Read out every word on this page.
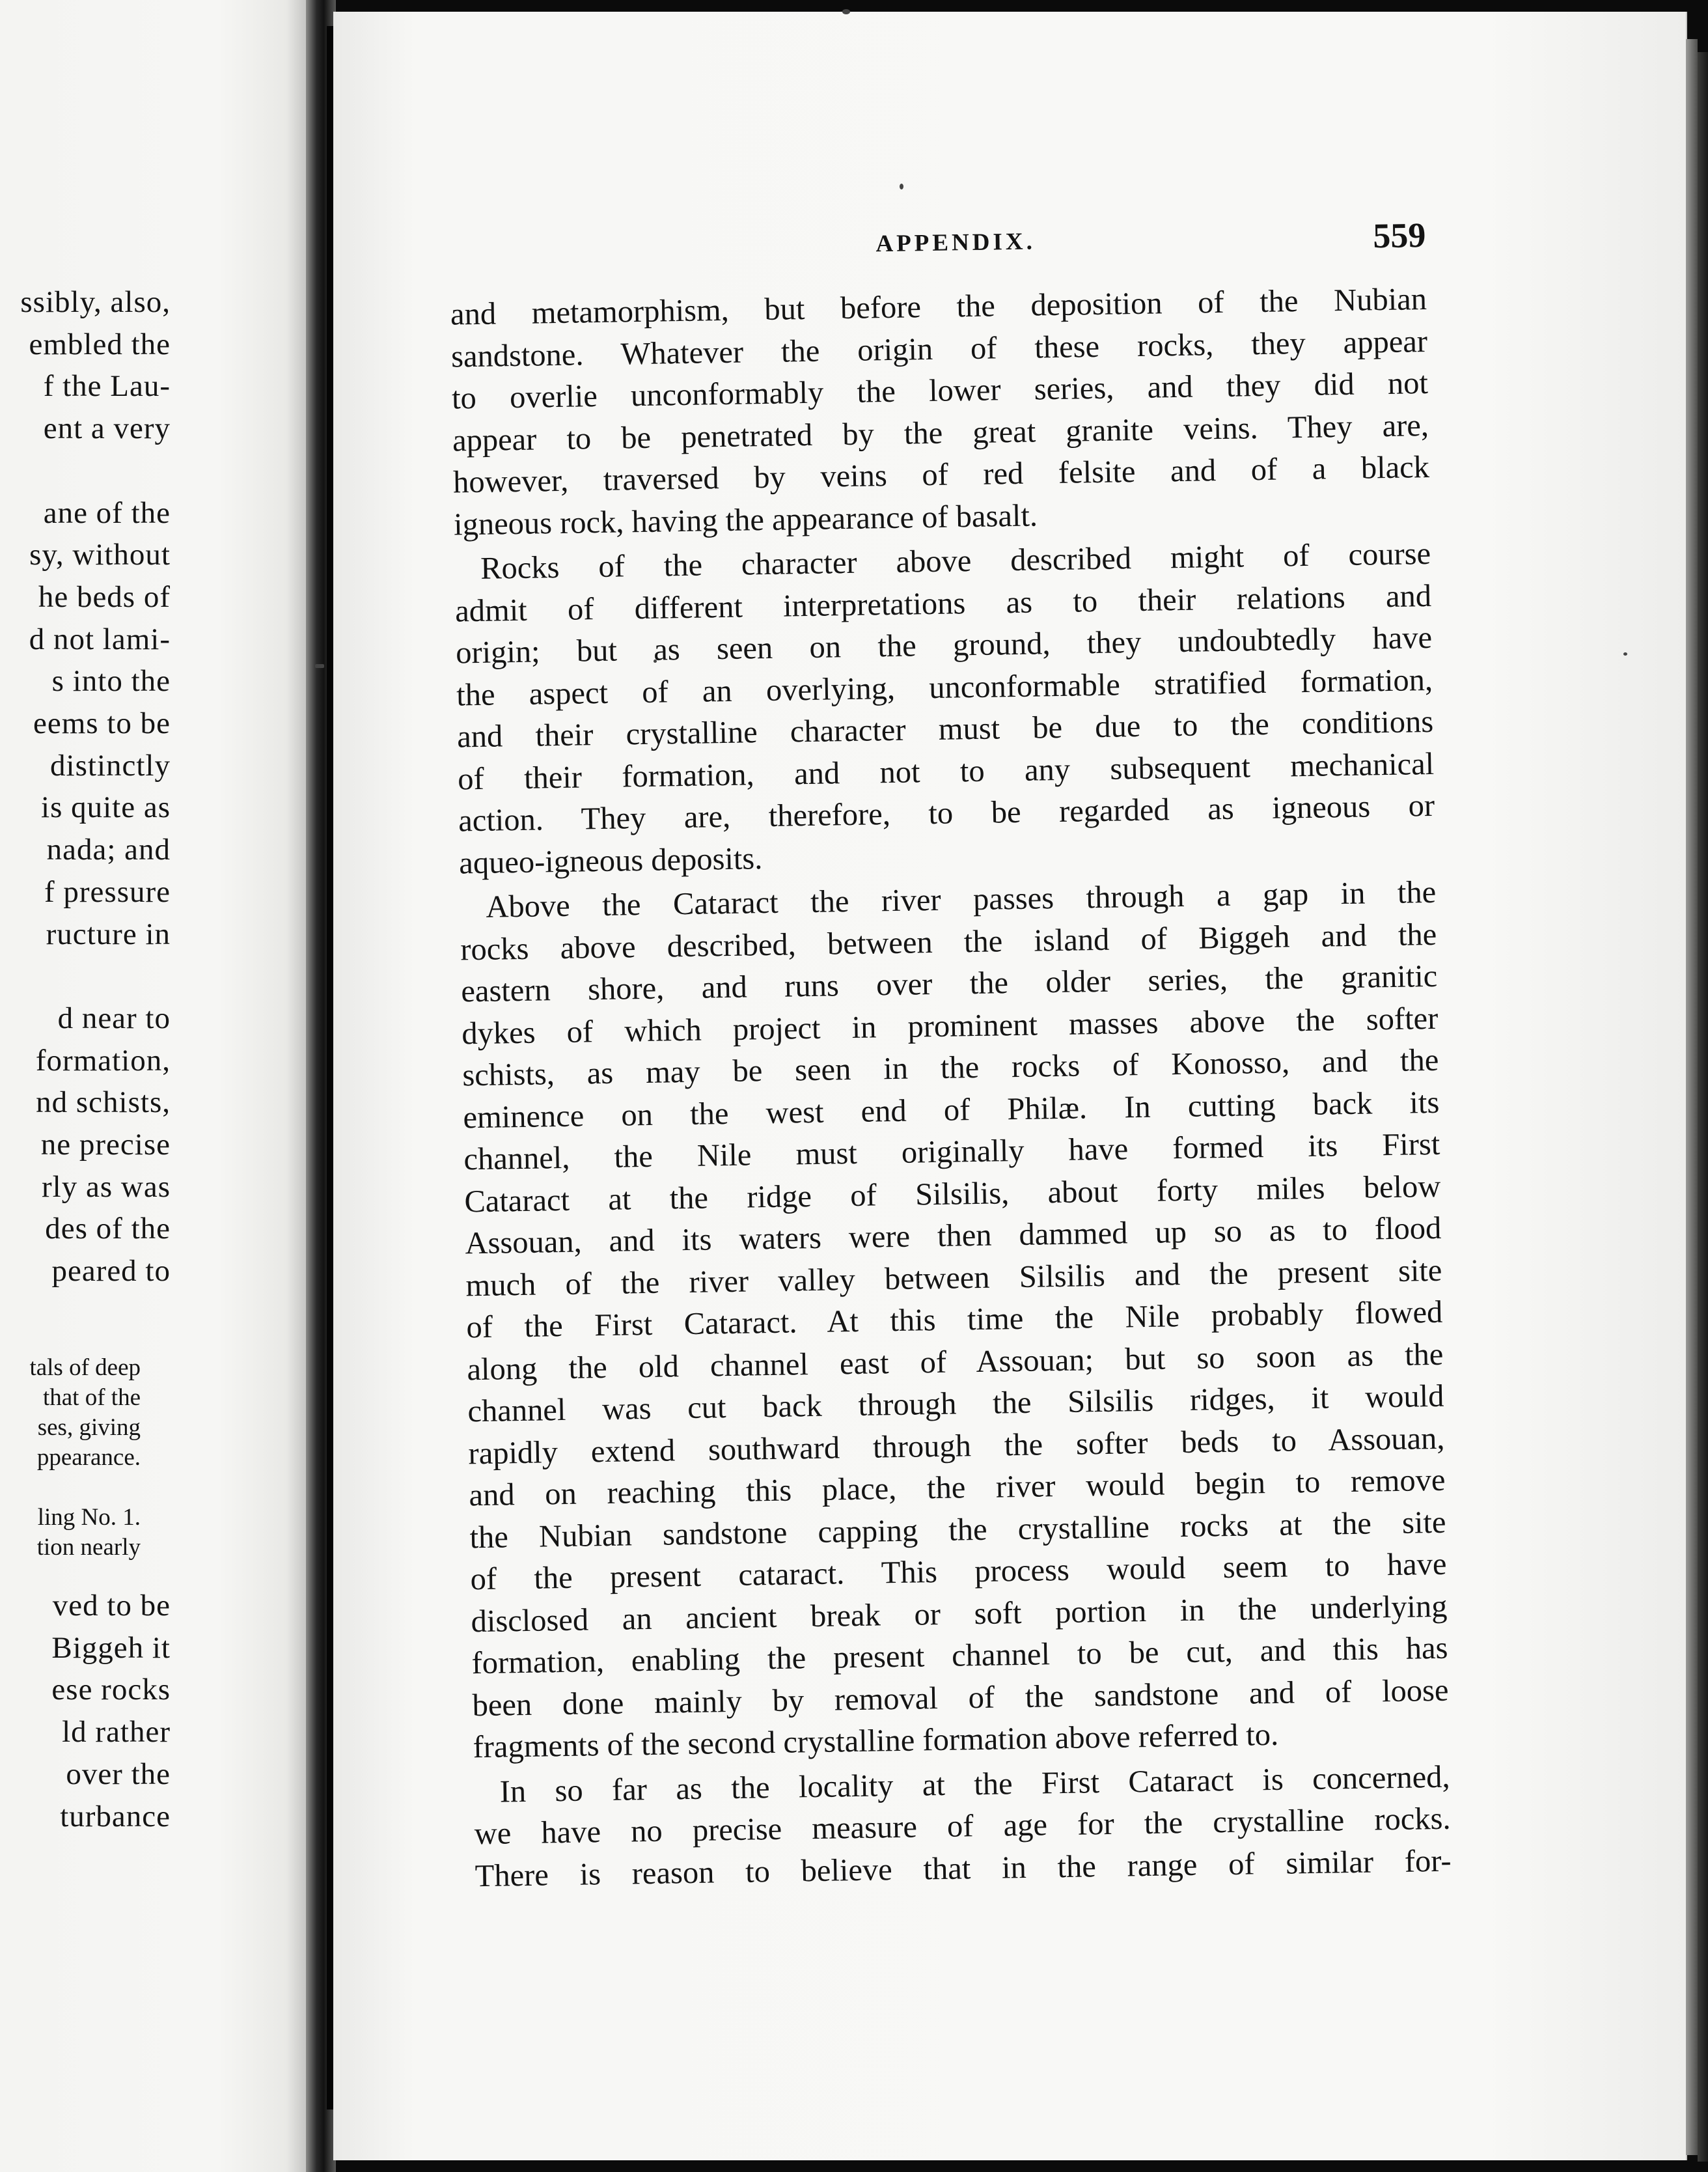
ssibly, also,
embled the
f the Lau-
ent a very

ane of the
sy, without
he beds of
d not lami-
s into the
eems to be
distinctly
is quite as
nada; and
f pressure
ructure in

d near to
formation,
nd schists,
ne precise
rly as was
des of the
peared to
tals of deep
that of the
ses, giving
ppearance.

ling No. 1.
tion nearly
ved to be
Biggeh it
ese rocks
ld rather
over the
turbance
APPENDIX.	559
and metamorphism, but before the deposition of the Nubian
sandstone. Whatever the origin of these rocks, they appear
to overlie unconformably the lower series, and they did not
appear to be penetrated by the great granite veins. They are,
however, traversed by veins of red felsite and of a black
igneous rock, having the appearance of basalt.
Rocks of the character above described might of course
admit of different interpretations as to their relations and
origin; but as seen on the ground, they undoubtedly have
the aspect of an overlying, unconformable stratified formation,
and their crystalline character must be due to the conditions
of their formation, and not to any subsequent mechanical
action. They are, therefore, to be regarded as igneous or
aqueo-igneous deposits.
Above the Cataract the river passes through a gap in the
rocks above described, between the island of Biggeh and the
eastern shore, and runs over the older series, the granitic
dykes of which project in prominent masses above the softer
schists, as may be seen in the rocks of Konosso, and the
eminence on the west end of Philæ. In cutting back its
channel, the Nile must originally have formed its First
Cataract at the ridge of Silsilis, about forty miles below
Assouan, and its waters were then dammed up so as to flood
much of the river valley between Silsilis and the present site
of the First Cataract. At this time the Nile probably flowed
along the old channel east of Assouan; but so soon as the
channel was cut back through the Silsilis ridges, it would
rapidly extend southward through the softer beds to Assouan,
and on reaching this place, the river would begin to remove
the Nubian sandstone capping the crystalline rocks at the site
of the present cataract. This process would seem to have
disclosed an ancient break or soft portion in the underlying
formation, enabling the present channel to be cut, and this has
been done mainly by removal of the sandstone and of loose
fragments of the second crystalline formation above referred to.
In so far as the locality at the First Cataract is concerned,
we have no precise measure of age for the crystalline rocks.
There is reason to believe that in the range of similar for-
